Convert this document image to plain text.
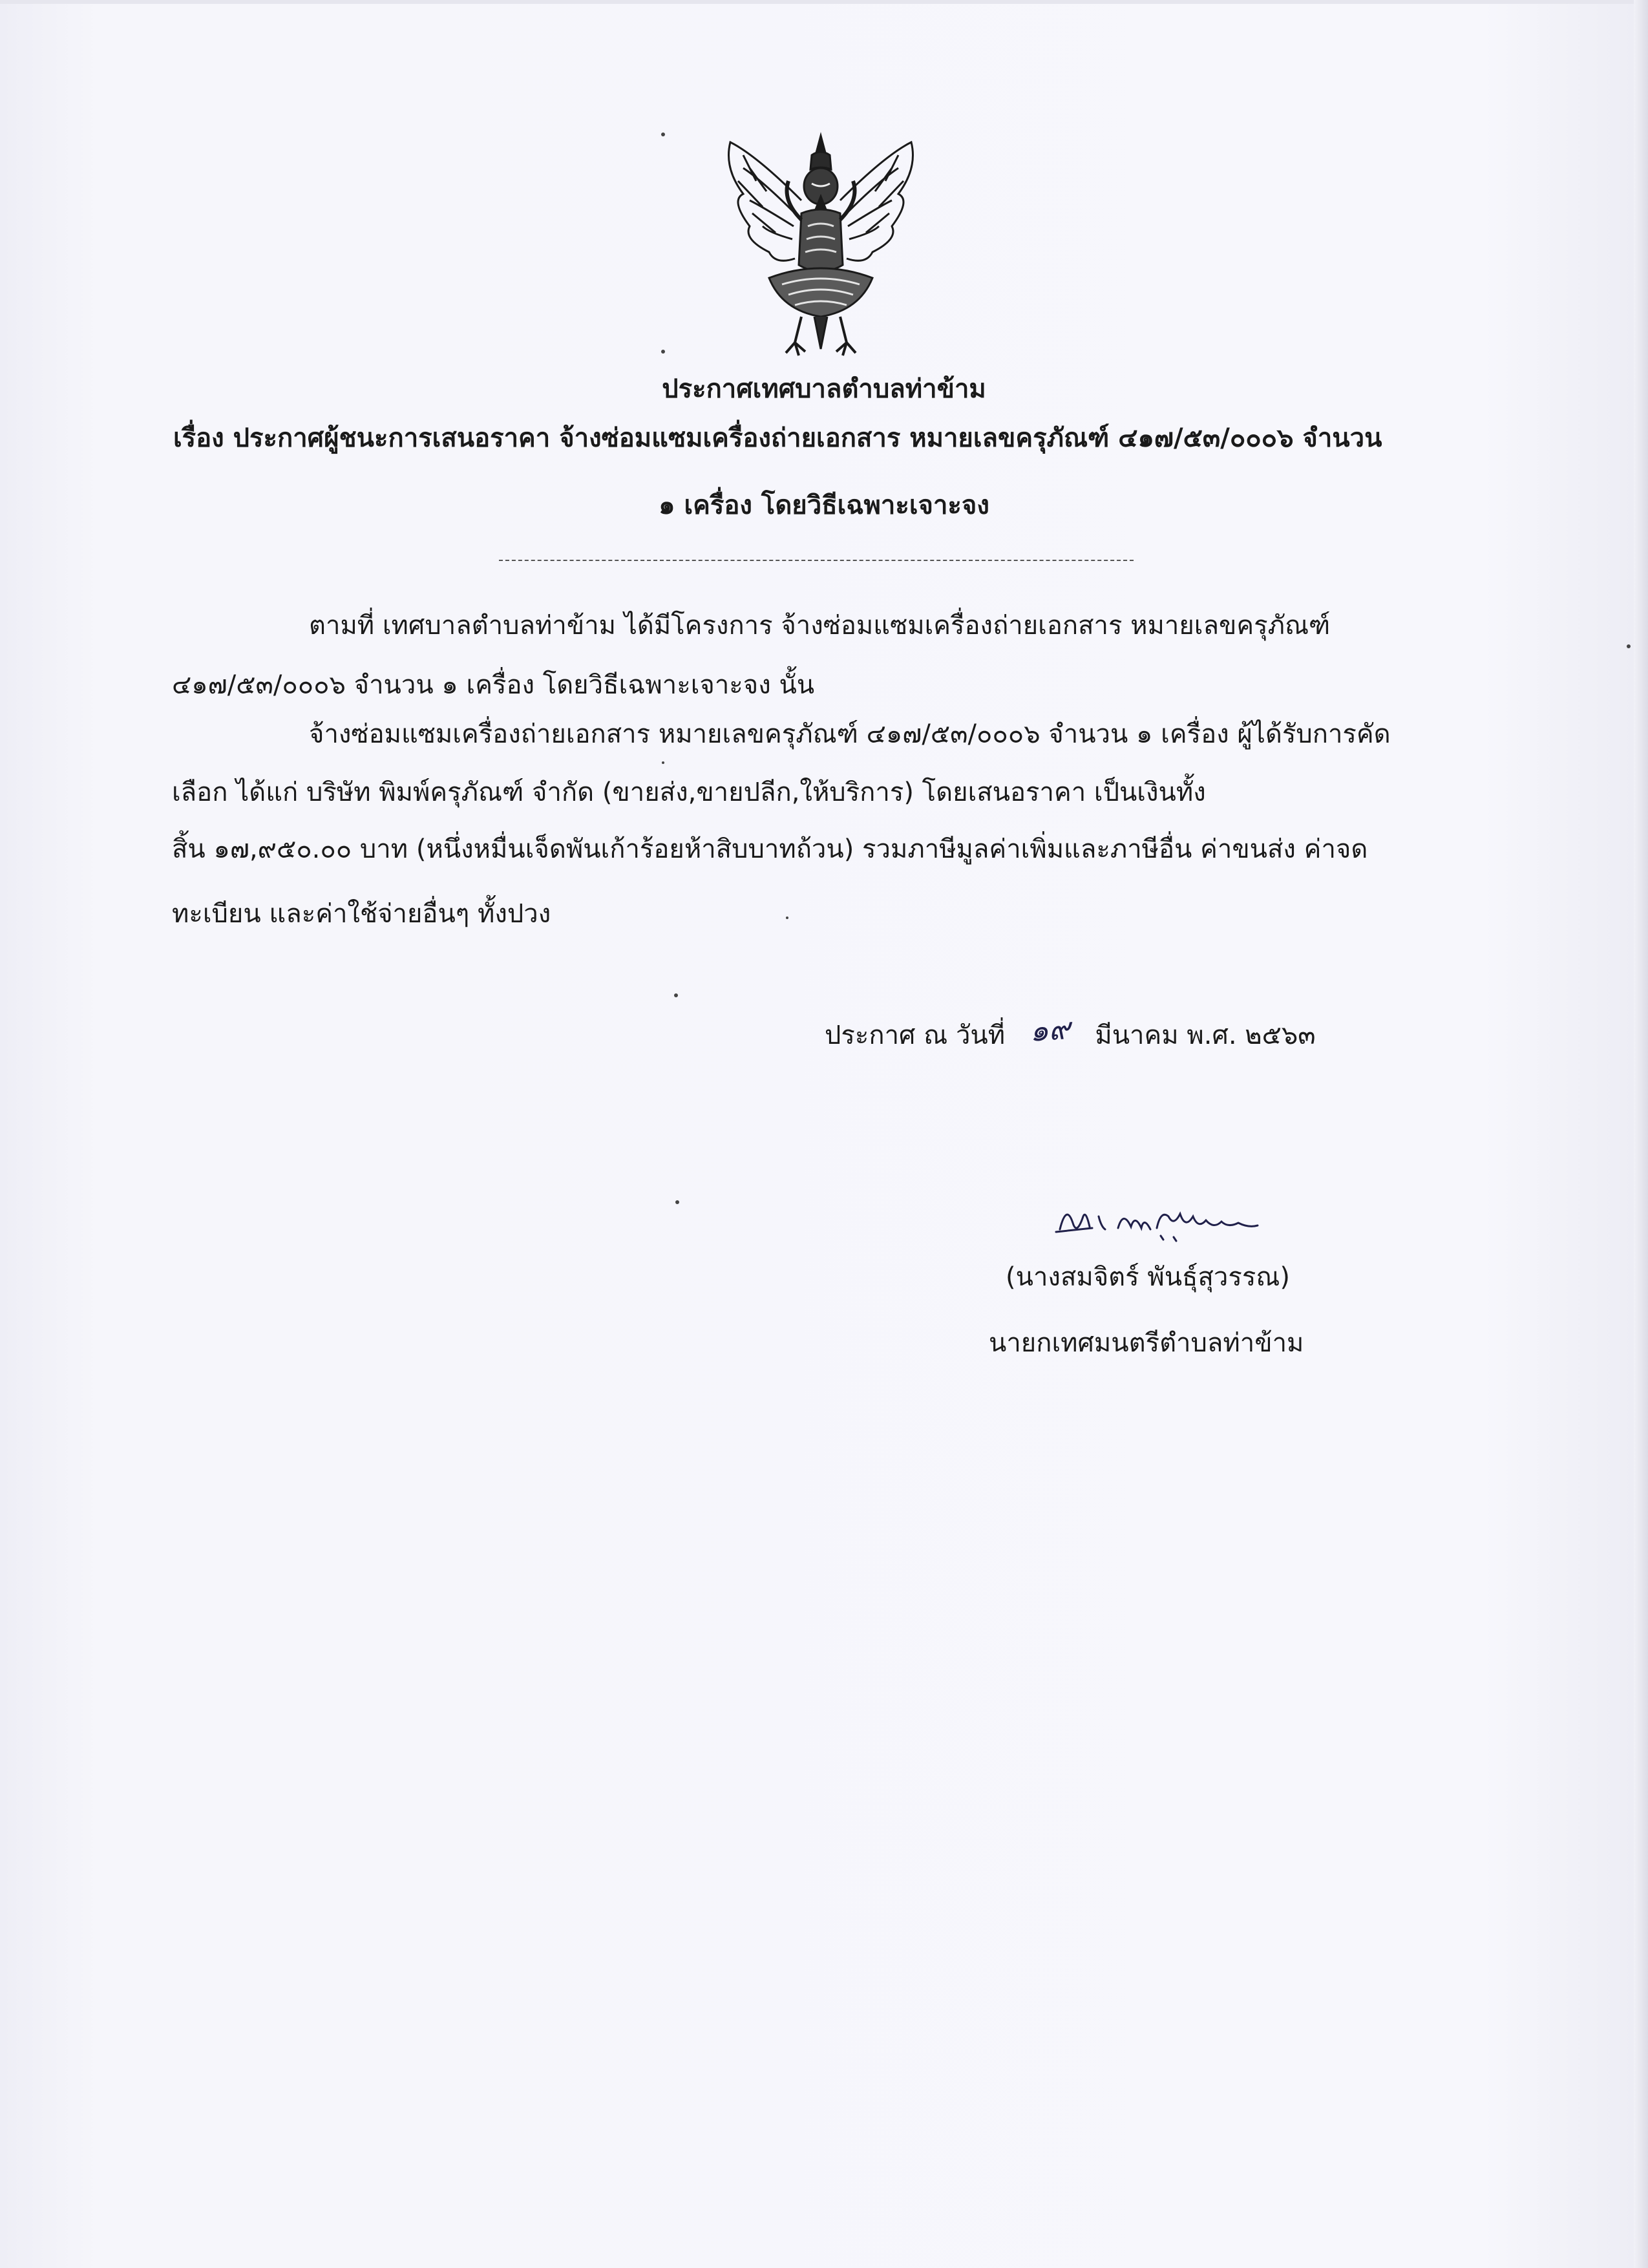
ประกาศเทศบาลตำบลท่าข้าม
เรื่อง ประกาศผู้ชนะการเสนอราคา จ้างซ่อมแซมเครื่องถ่ายเอกสาร หมายเลขครุภัณฑ์ ๔๑๗/๕๓/๐๐๐๖ จำนวน
๑ เครื่อง โดยวิธีเฉพาะเจาะจง
ตามที่ เทศบาลตำบลท่าข้าม ได้มีโครงการ จ้างซ่อมแซมเครื่องถ่ายเอกสาร หมายเลขครุภัณฑ์
๔๑๗/๕๓/๐๐๐๖ จำนวน ๑ เครื่อง โดยวิธีเฉพาะเจาะจง นั้น
จ้างซ่อมแซมเครื่องถ่ายเอกสาร หมายเลขครุภัณฑ์ ๔๑๗/๕๓/๐๐๐๖ จำนวน ๑ เครื่อง ผู้ได้รับการคัด
เลือก ได้แก่ บริษัท พิมพ์ครุภัณฑ์ จำกัด (ขายส่ง,ขายปลีก,ให้บริการ) โดยเสนอราคา เป็นเงินทั้ง
สิ้น ๑๗,๙๕๐.๐๐ บาท (หนึ่งหมื่นเจ็ดพันเก้าร้อยห้าสิบบาทถ้วน) รวมภาษีมูลค่าเพิ่มและภาษีอื่น ค่าขนส่ง ค่าจด
ทะเบียน และค่าใช้จ่ายอื่นๆ ทั้งปวง
ประกาศ ณ วันที่ ๑๙ มีนาคม พ.ศ. ๒๕๖๓
(นางสมจิตร์ พันธุ์สุวรรณ)
นายกเทศมนตรีตำบลท่าข้าม
